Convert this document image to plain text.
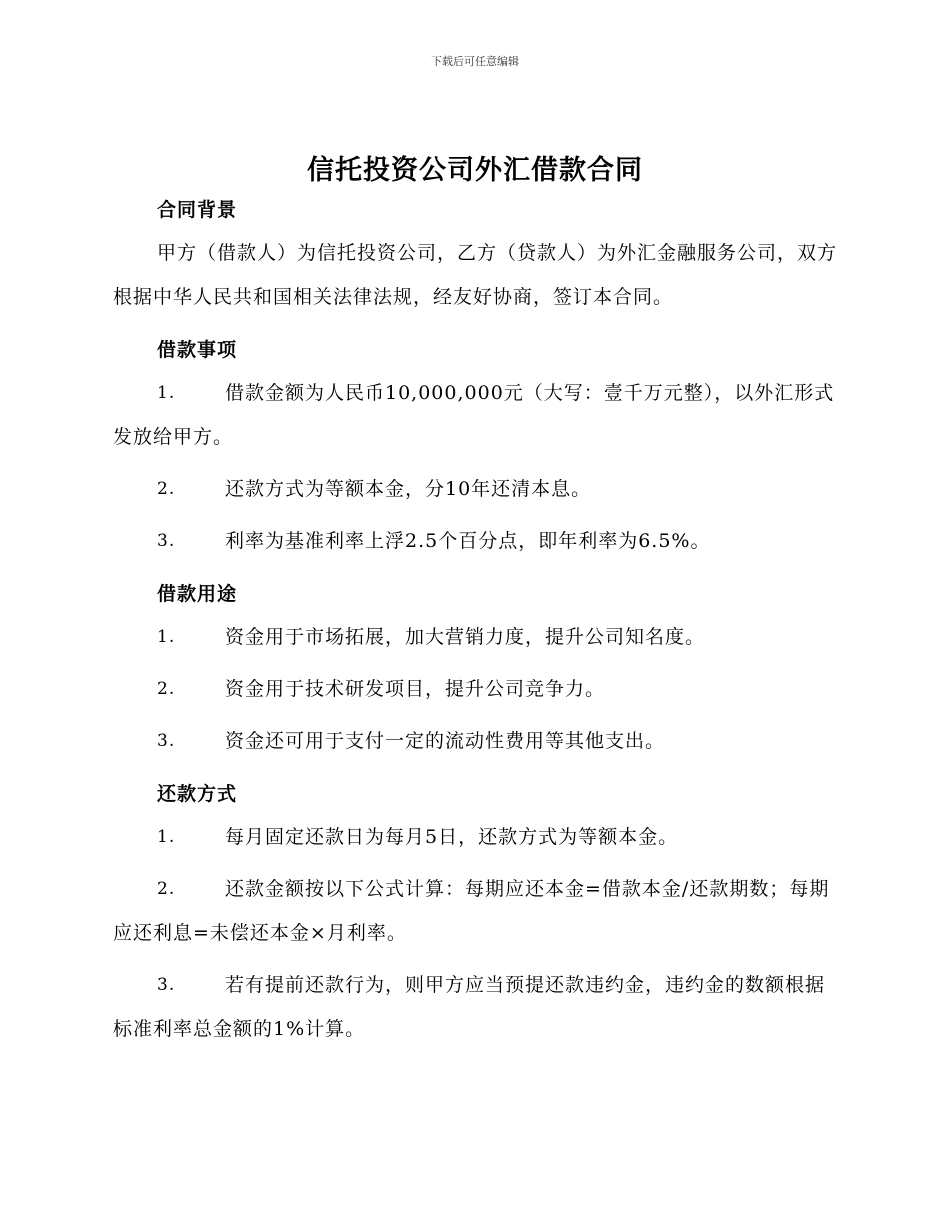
下载后可任意编辑
信托投资公司外汇借款合同
合同背景

甲方（借款人）为信托投资公司，乙方（贷款人）为外汇金融服务公司，双方根据中华人民共和国相关法律法规，经友好协商，签订本合同。

借款事项

1.	借款金额为人民币10,000,000元（大写：壹千万元整），以外汇形式发放给甲方。

2.	还款方式为等额本金，分10年还清本息。

3.	利率为基准利率上浮2.5个百分点，即年利率为6.5%。

借款用途

1.	资金用于市场拓展，加大营销力度，提升公司知名度。

2.	资金用于技术研发项目，提升公司竞争力。

3.	资金还可用于支付一定的流动性费用等其他支出。

还款方式

1.	每月固定还款日为每月5日，还款方式为等额本金。

2.	还款金额按以下公式计算：每期应还本金=借款本金/还款期数；每期应还利息=未偿还本金×月利率。

3.	若有提前还款行为，则甲方应当预提还款违约金，违约金的数额根据标准利率总金额的1%计算。
